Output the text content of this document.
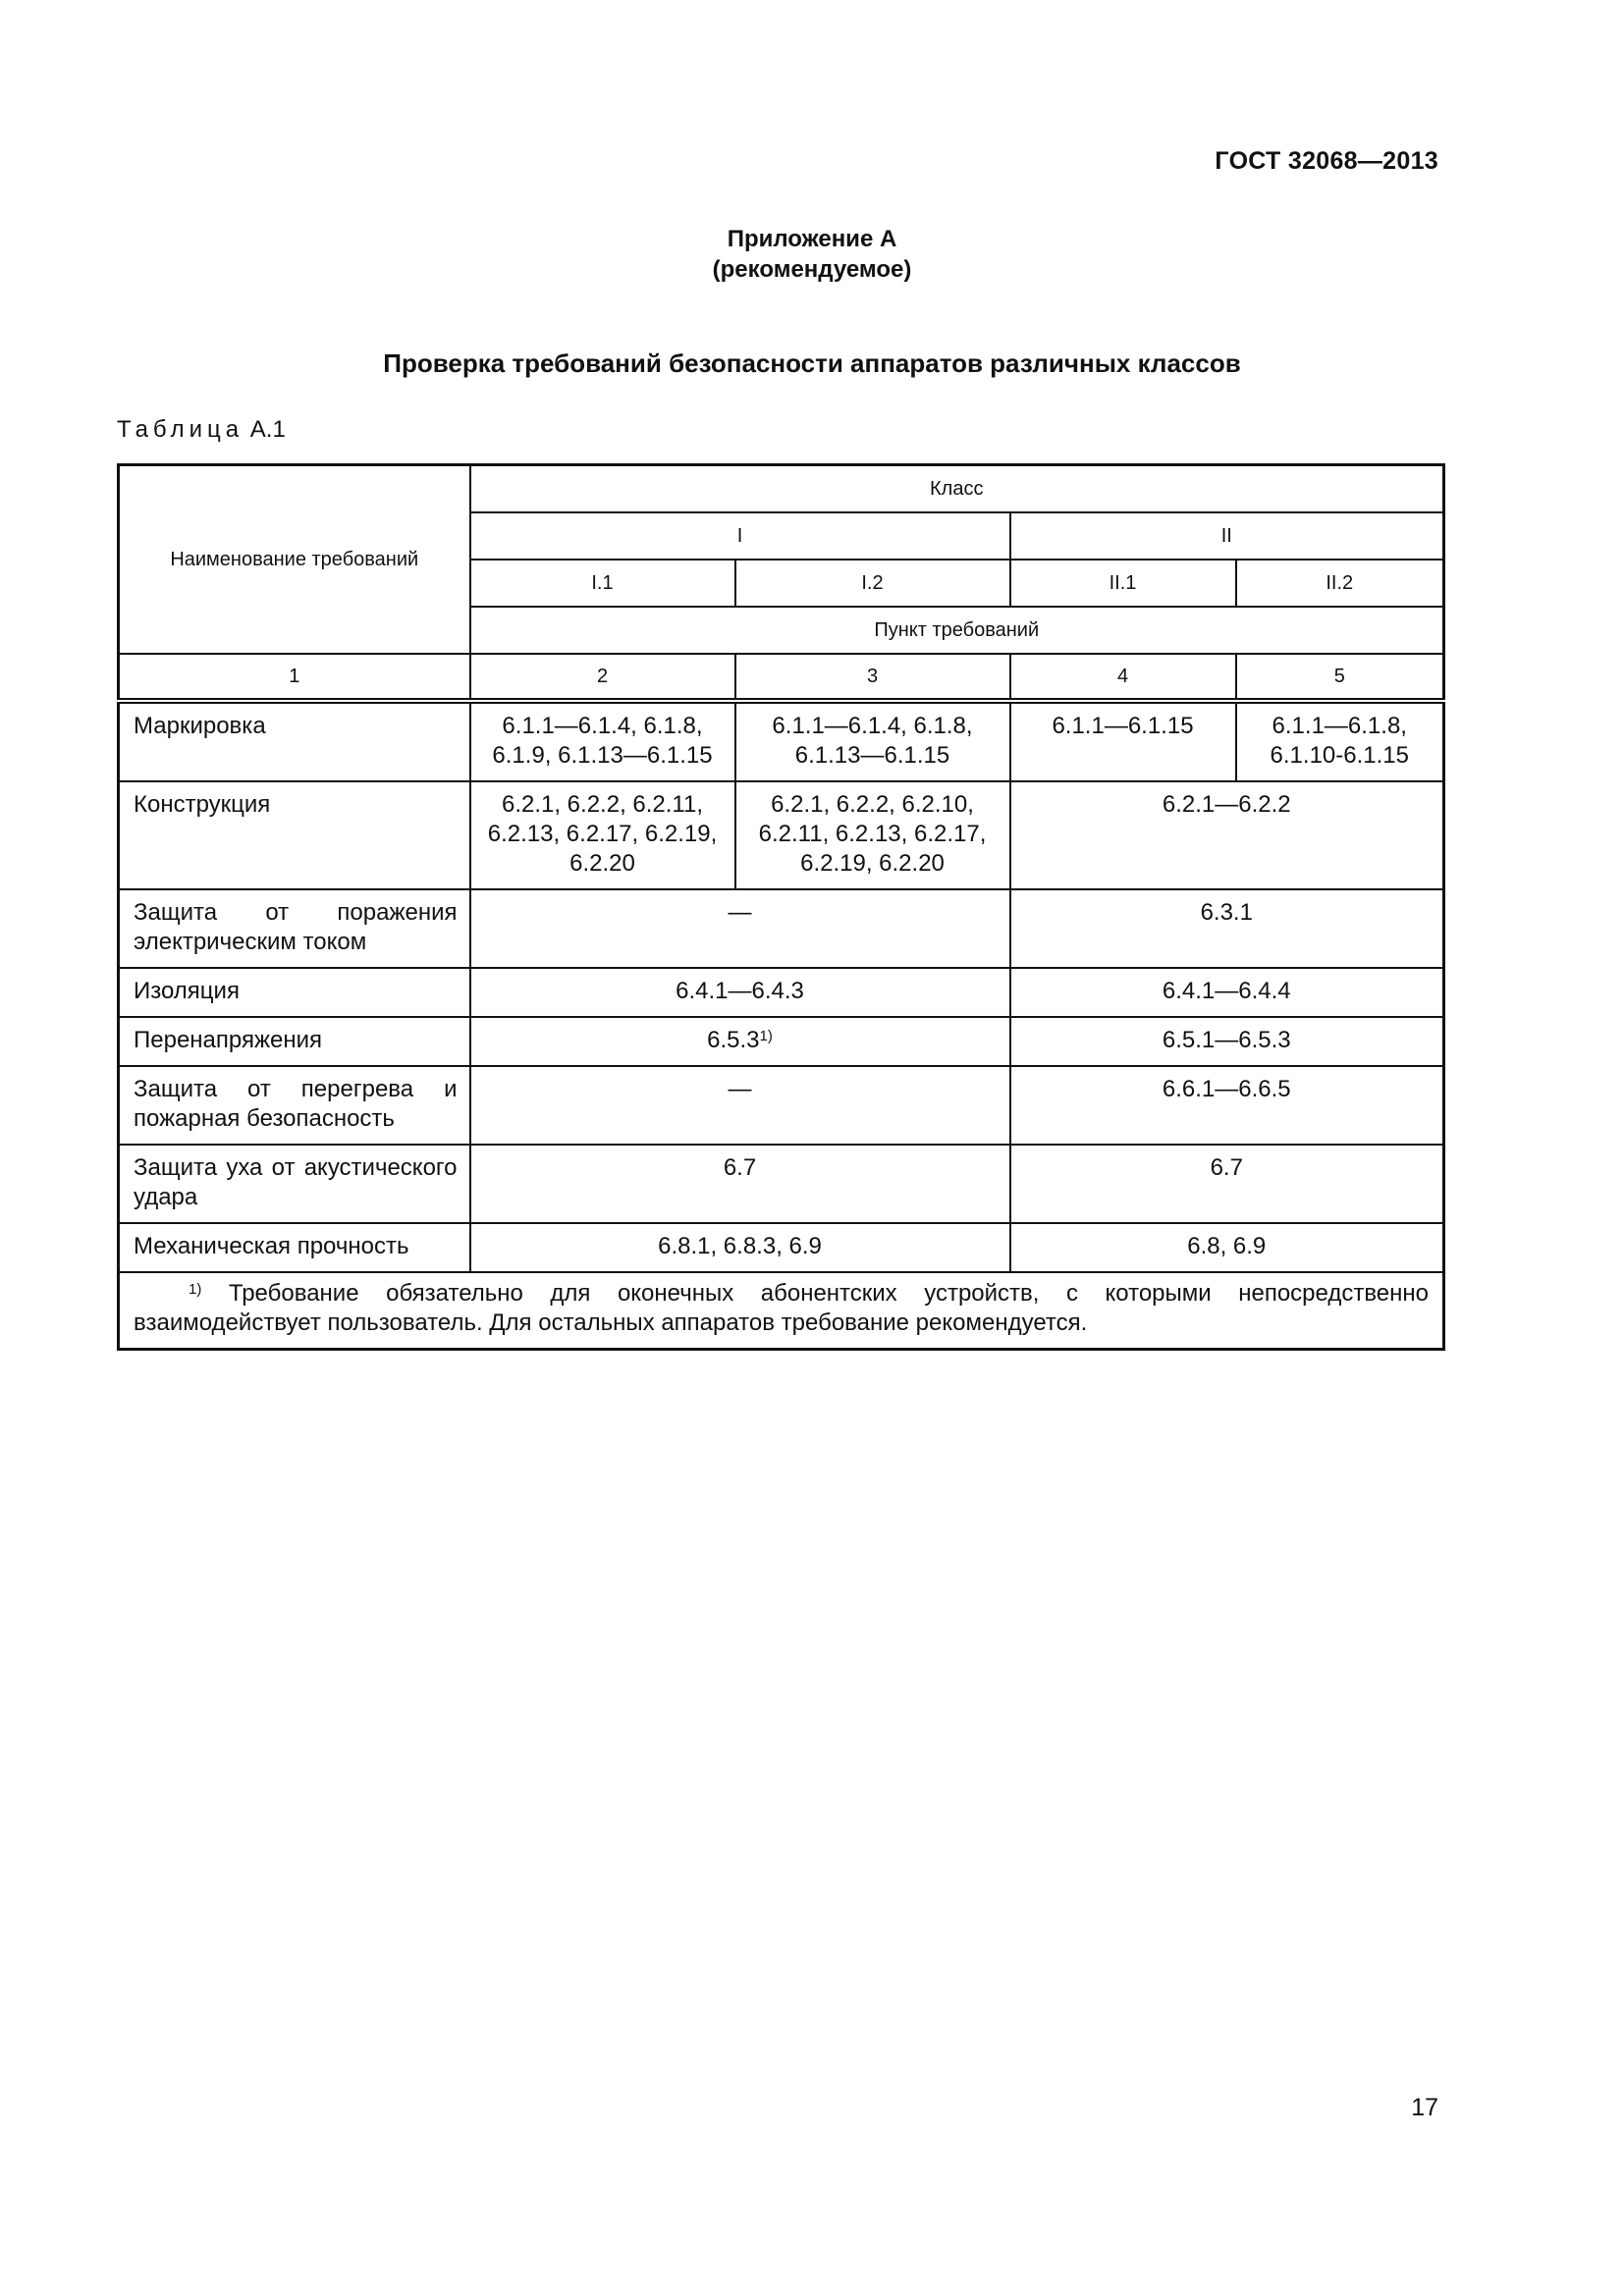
ГОСТ 32068—2013
Приложение А
(рекомендуемое)
Проверка требований безопасности аппаратов различных классов
Таблица А.1
Наименование требований	Класс			
	I		II	
	I.1	I.2	II.1	II.2
	Пункт требований			
1	2	3	4	5
Маркировка	6.1.1—6.1.4, 6.1.8, 6.1.9, 6.1.13—6.1.15	6.1.1—6.1.4, 6.1.8, 6.1.13—6.1.15	6.1.1—6.1.15	6.1.1—6.1.8, 6.1.10-6.1.15
Конструкция	6.2.1, 6.2.2, 6.2.11, 6.2.13, 6.2.17, 6.2.19, 6.2.20	6.2.1, 6.2.2, 6.2.10, 6.2.11, 6.2.13, 6.2.17, 6.2.19, 6.2.20	6.2.1—6.2.2	
Защита от поражения электрическим током	—		6.3.1	
Изоляция	6.4.1—6.4.3		6.4.1—6.4.4	
Перенапряжения	6.5.3$^{1)}$		6.5.1—6.5.3	
Защита от перегрева и пожарная безопасность	—		6.6.1—6.6.5	
Защита уха от акустического удара	6.7		6.7	
Механическая прочность	6.8.1, 6.8.3, 6.9		6.8, 6.9	

$^{1)}$ Требование обязательно для оконечных абонентских устройств, с которыми непосредственно взаимодействует пользователь. Для остальных аппаратов требование рекомендуется.				
17
